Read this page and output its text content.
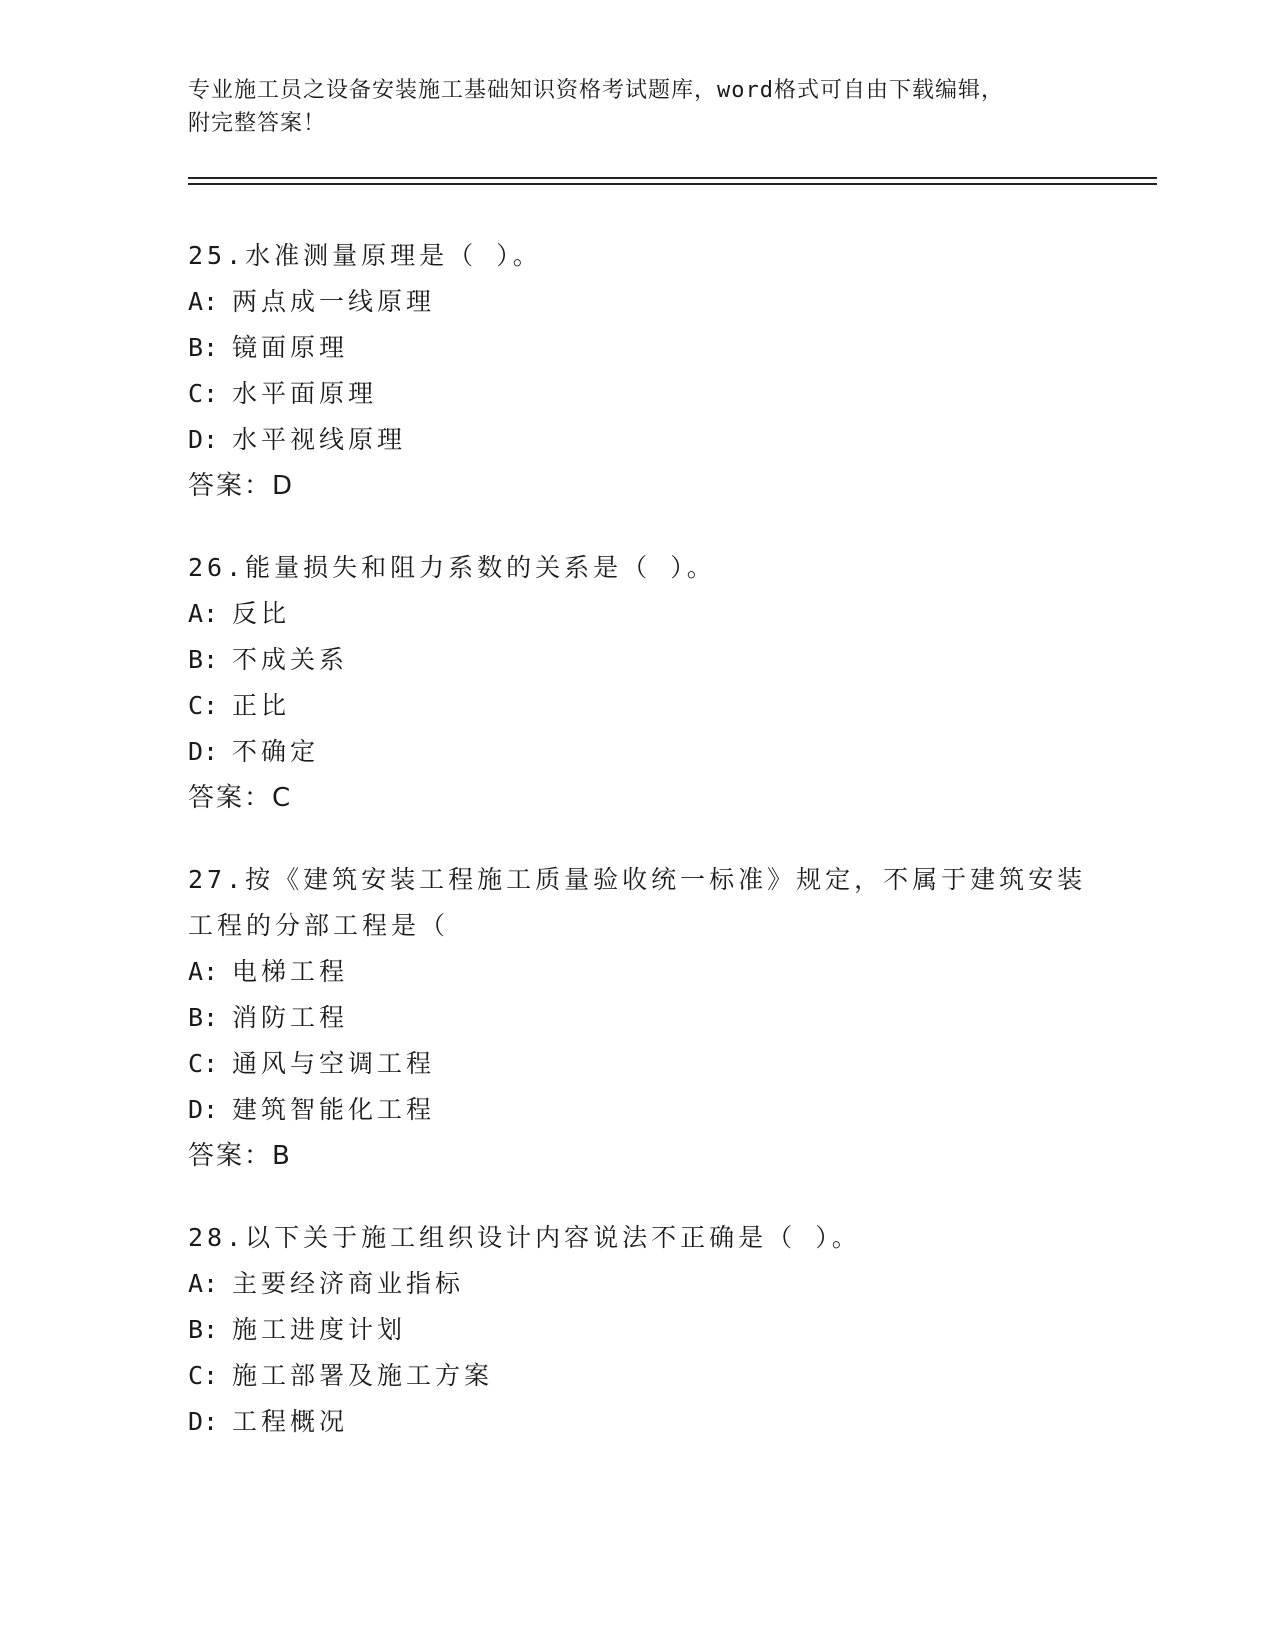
专业施工员之设备安装施工基础知识资格考试题库，word格式可自由下载编辑，
附完整答案！

25.水准测量原理是（ ）。

A: 两点成一线原理

B: 镜面原理

C: 水平面原理

D: 水平视线原理

答案：D

26.能量损失和阻力系数的关系是（ ）。

A: 反比

B: 不成关系

C: 正比

D: 不确定

答案：C

27.按《建筑安装工程施工质量验收统一标准》规定，不属于建筑安装工程的分部工程是（

A: 电梯工程

B: 消防工程

C: 通风与空调工程

D: 建筑智能化工程

答案：B

28.以下关于施工组织设计内容说法不正确是（ ）。

A: 主要经济商业指标

B: 施工进度计划

C: 施工部署及施工方案

D: 工程概况
